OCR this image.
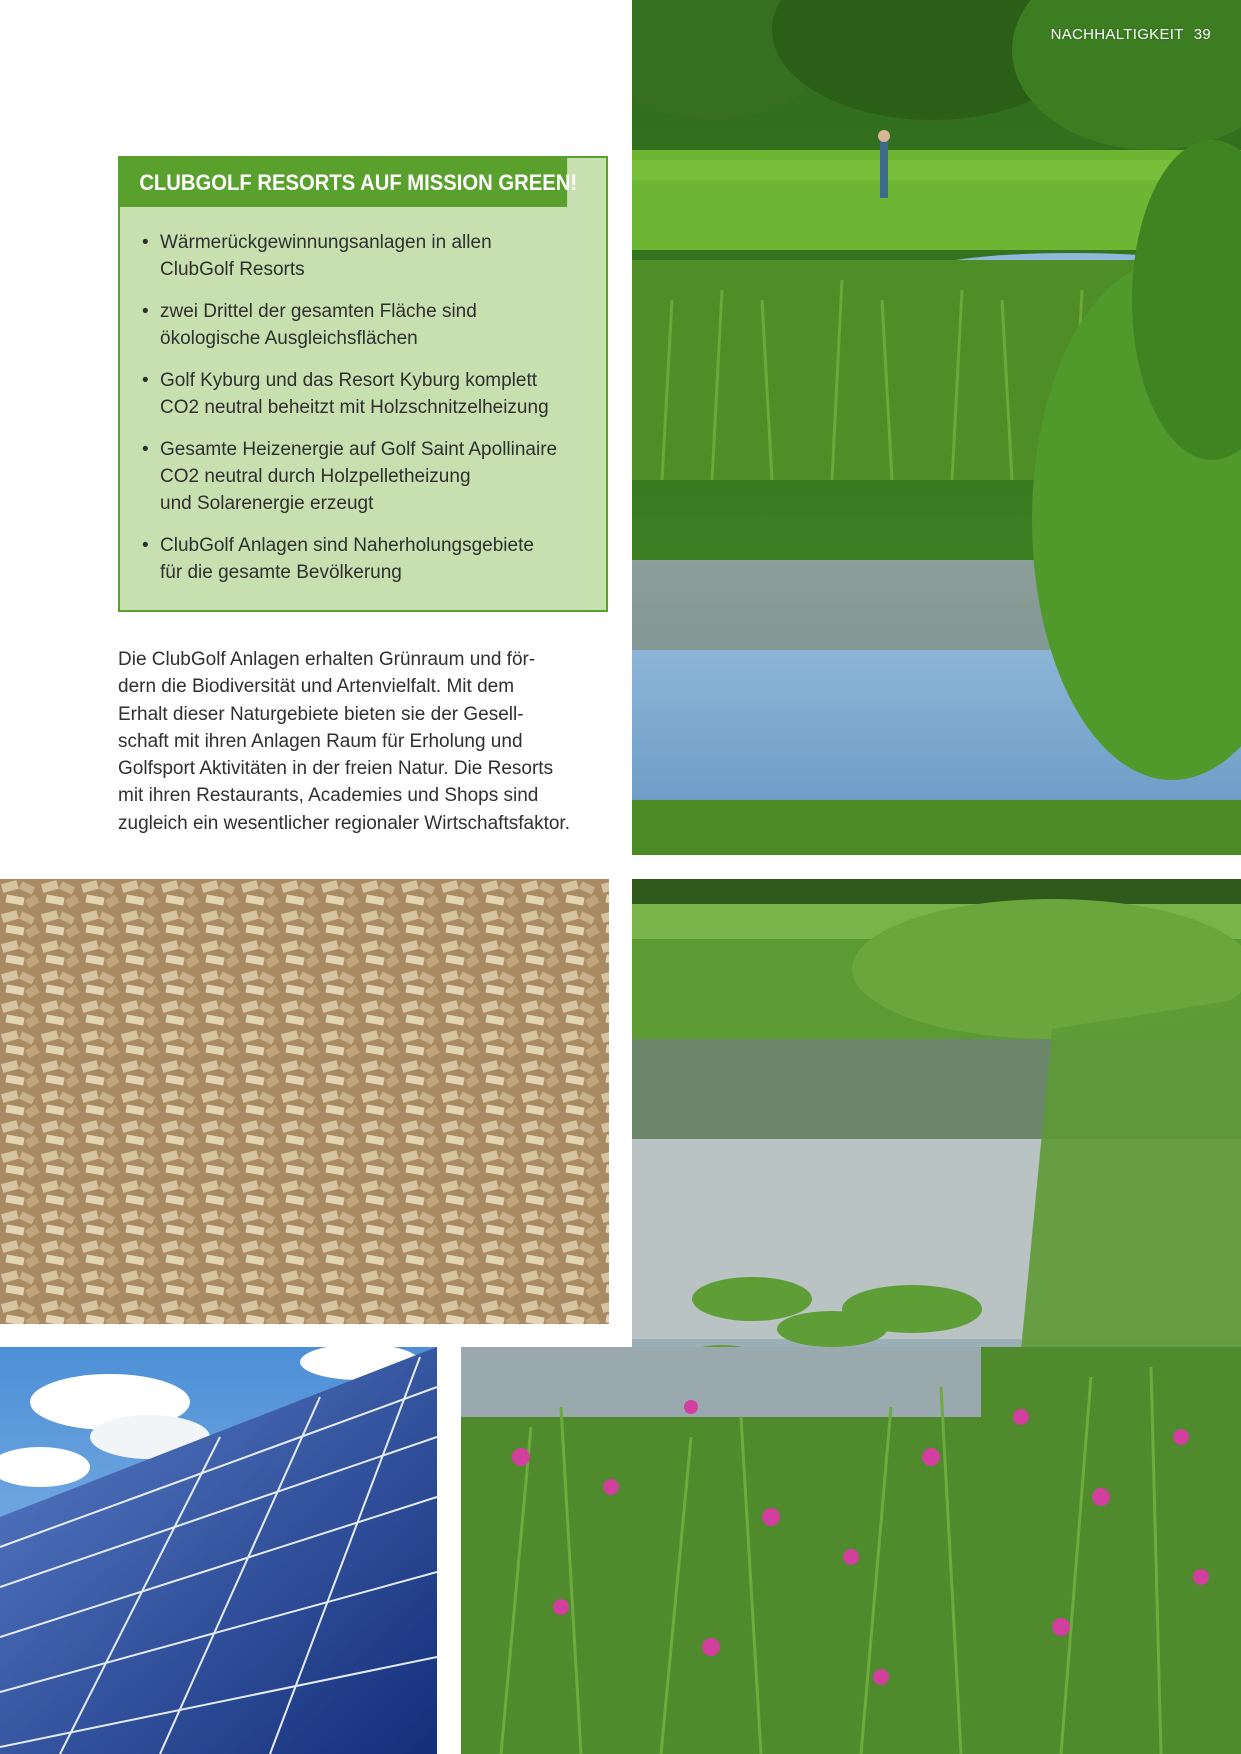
NACHHALTIGKEIT 39
CLUBGOLF RESORTS AUF MISSION GREEN!
• Wärmerückgewinnungsanlagen in allen
ClubGolf Resorts
• zwei Drittel der gesamten Fläche sind
ökologische Ausgleichsflächen
• Golf Kyburg und das Resort Kyburg komplett
CO2 neutral beheitzt mit Holzschnitzelheizung
• Gesamte Heizenergie auf Golf Saint Apollinaire
CO2 neutral durch Holzpelletheizung
und Solarenergie erzeugt
• ClubGolf Anlagen sind Naherholungsgebiete
für die gesamte Bevölkerung
Die ClubGolf Anlagen erhalten Grünraum und för-
dern die Biodiversität und Artenvielfalt. Mit dem
Erhalt dieser Naturgebiete bieten sie der Gesell-
schaft mit ihren Anlagen Raum für Erholung und
Golfsport Aktivitäten in der freien Natur. Die Resorts
mit ihren Restaurants, Academies und Shops sind
zugleich ein wesentlicher regionaler Wirtschaftsfaktor.
